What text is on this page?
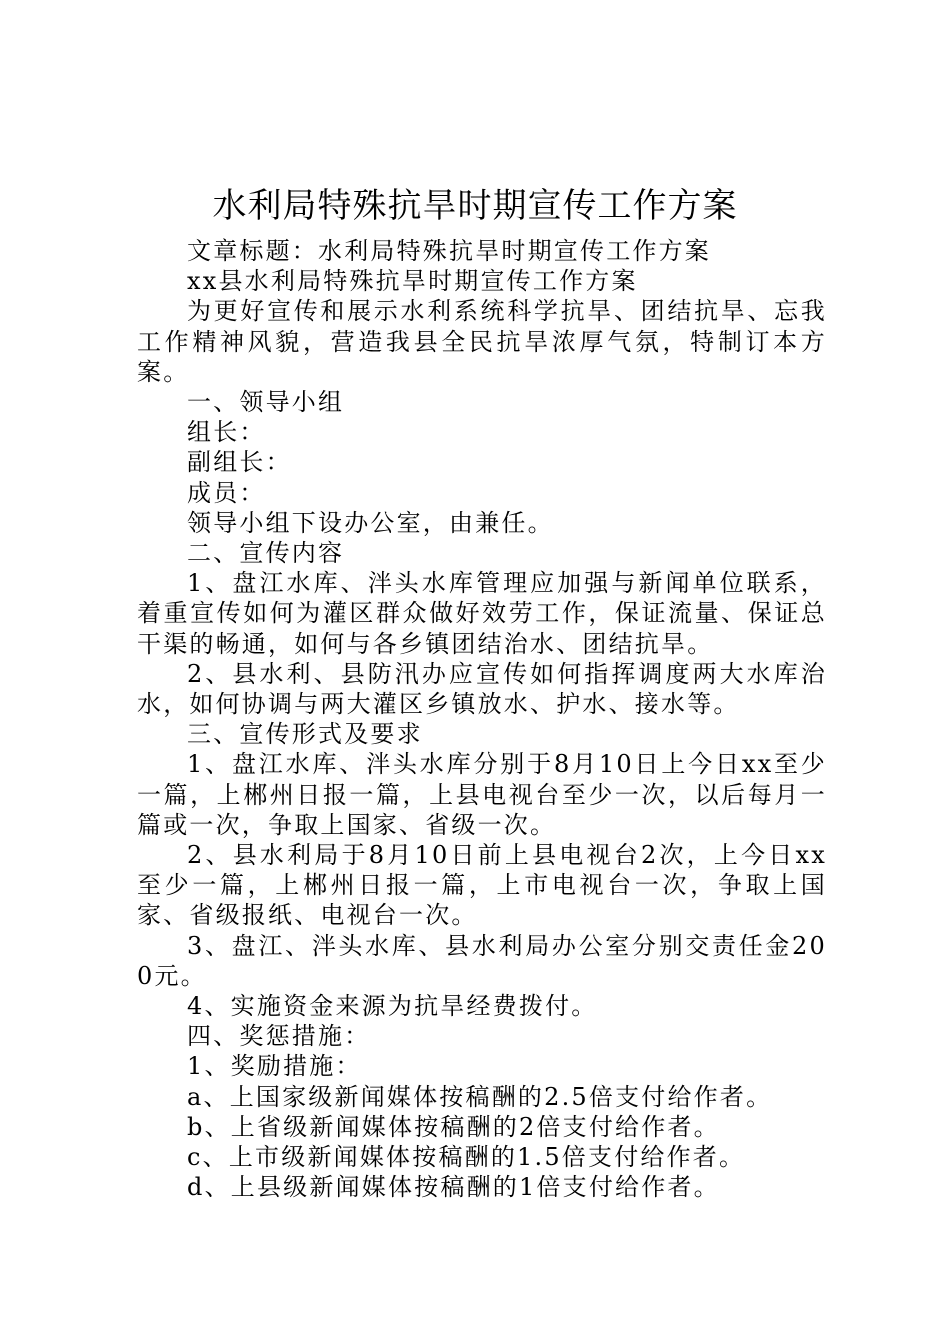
水利局特殊抗旱时期宣传工作方案

文章标题：水利局特殊抗旱时期宣传工作方案

xx县水利局特殊抗旱时期宣传工作方案

为更好宣传和展示水利系统科学抗旱、团结抗旱、忘我工作精神风貌，营造我县全民抗旱浓厚气氛，特制订本方案。

一、领导小组

组长：

副组长：

成员：

领导小组下设办公室，由兼任。

二、宣传内容

1、盘江水库、泮头水库管理应加强与新闻单位联系，着重宣传如何为灌区群众做好效劳工作，保证流量、保证总干渠的畅通，如何与各乡镇团结治水、团结抗旱。

2、县水利、县防汛办应宣传如何指挥调度两大水库治水，如何协调与两大灌区乡镇放水、护水、接水等。

三、宣传形式及要求

1、盘江水库、泮头水库分别于8月10日上今日xx至少一篇，上郴州日报一篇，上县电视台至少一次，以后每月一篇或一次，争取上国家、省级一次。

2、县水利局于8月10日前上县电视台2次，上今日xx至少一篇，上郴州日报一篇，上市电视台一次，争取上国家、省级报纸、电视台一次。

3、盘江、泮头水库、县水利局办公室分别交责任金200元。

4、实施资金来源为抗旱经费拨付。

四、奖惩措施：

1、奖励措施：

a、上国家级新闻媒体按稿酬的2.5倍支付给作者。

b、上省级新闻媒体按稿酬的2倍支付给作者。

c、上市级新闻媒体按稿酬的1.5倍支付给作者。

d、上县级新闻媒体按稿酬的1倍支付给作者。
